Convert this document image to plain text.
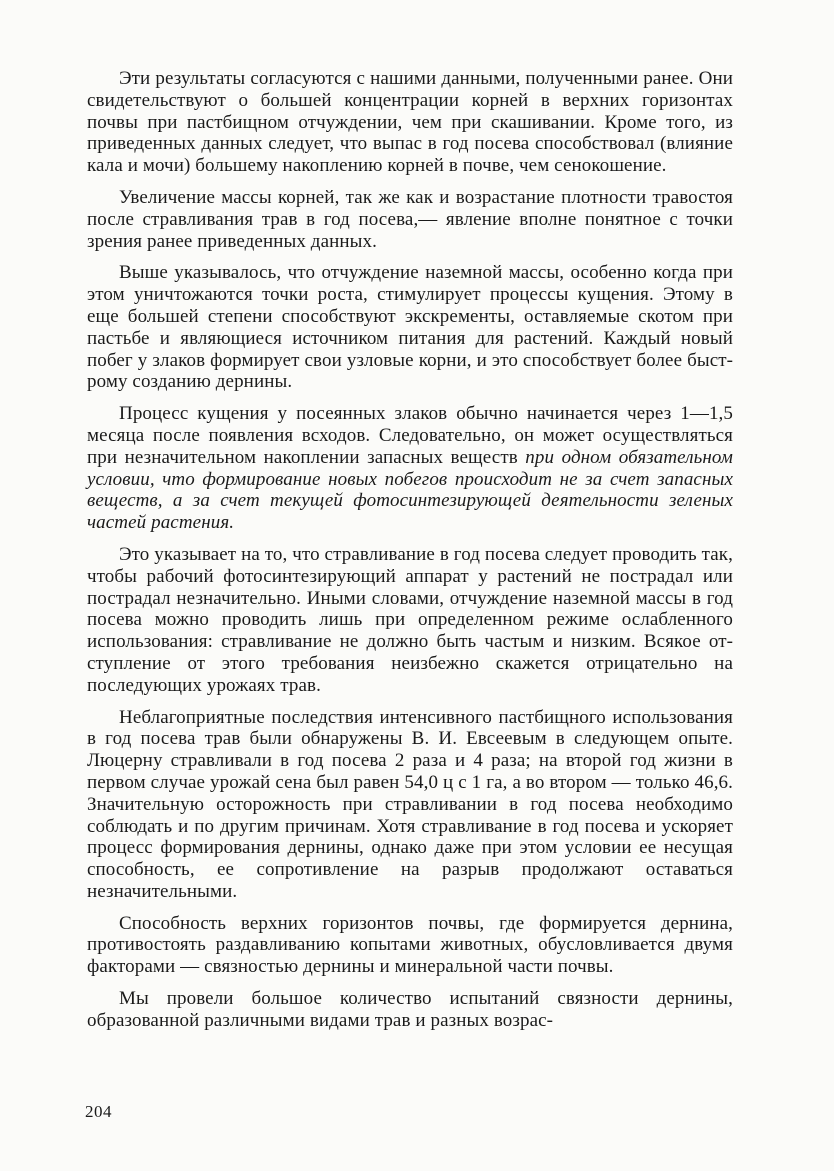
Эти результаты согласуются с нашими данными, полученными ранее. Они свидетельствуют о большей концентрации корней в верхних горизонтах почвы при пастбищном отчуждении, чем при скашивании. Кроме того, из приведенных данных следует, что выпас в год посева способствовал (влияние кала и мочи) большему накоплению корней в почве, чем сенокошение.

Увеличение массы корней, так же как и возрастание плотности травостоя после стравливания трав в год посева,— явление вполне понятное с точки зрения ранее приведенных данных.

Выше указывалось, что отчуждение наземной массы, особенно когда при этом уничтожаются точки роста, стимулирует процессы кущения. Этому в еще большей степени способствуют экскременты, оставляемые скотом при пастьбе и являющиеся источником питания для растений. Каждый новый побег у злаков формирует свои узловые корни, и это способствует более быстрому созданию дернины.

Процесс кущения у посеянных злаков обычно начинается через 1—1,5 месяца после появления всходов. Следовательно, он может осуществляться при незначительном накоплении запасных веществ при одном обязательном условии, что формирование новых побегов происходит не за счет запасных веществ, а за счет текущей фотосинтезирующей деятельности зеленых частей растения.

Это указывает на то, что стравливание в год посева следует проводить так, чтобы рабочий фотосинтезирующий аппарат у растений не пострадал или пострадал незначительно. Иными словами, отчуждение наземной массы в год посева можно проводить лишь при определенном режиме ослабленного использования: стравливание не должно быть частым и низким. Всякое отступление от этого требования неизбежно скажется отрицательно на последующих урожаях трав.

Неблагоприятные последствия интенсивного пастбищного использования в год посева трав были обнаружены В. И. Евсеевым в следующем опыте. Люцерну стравливали в год посева 2 раза и 4 раза; на второй год жизни в первом случае урожай сена был равен 54,0 ц с 1 га, а во втором — только 46,6. Значительную осторожность при стравливании в год посева необходимо соблюдать и по другим причинам. Хотя стравливание в год посева и ускоряет процесс формирования дернины, однако даже при этом условии ее несущая способность, ее сопротивление на разрыв продолжают оставаться незначительными.

Способность верхних горизонтов почвы, где формируется дернина, противостоять раздавливанию копытами животных, обусловливается двумя факторами — связностью дернины и минеральной части почвы.

Мы провели большое количество испытаний связности дернины, образованной различными видами трав и разных возрас-

204
